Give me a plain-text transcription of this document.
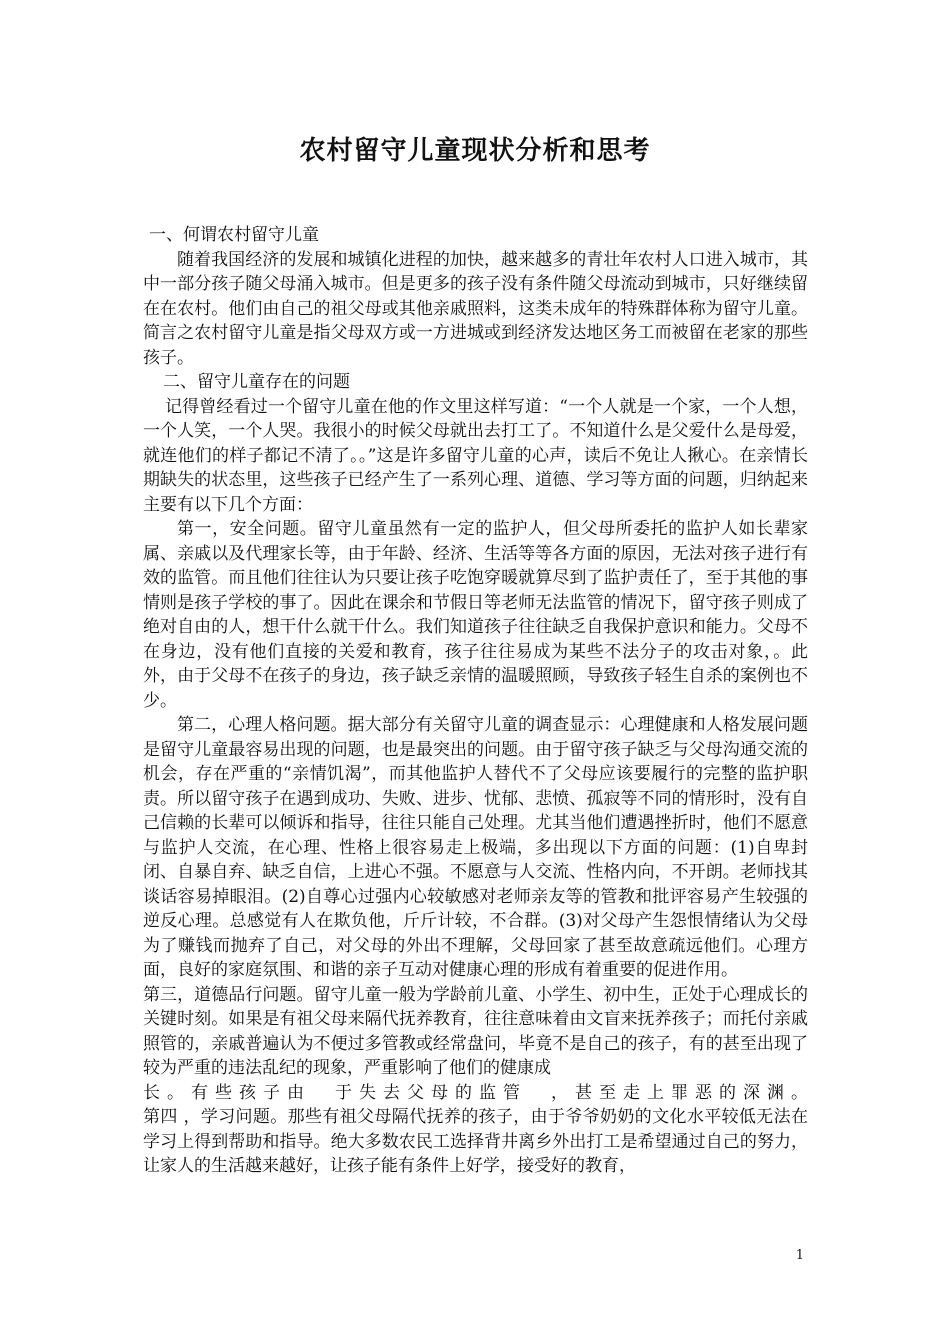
农村留守儿童现状分析和思考

一、何谓农村留守儿童

随着我国经济的发展和城镇化进程的加快，越来越多的青壮年农村人口进入城市，其中一部分孩子随父母涌入城市。但是更多的孩子没有条件随父母流动到城市，只好继续留在在农村。他们由自己的祖父母或其他亲戚照料，这类未成年的特殊群体称为留守儿童。简言之农村留守儿童是指父母双方或一方进城或到经济发达地区务工而被留在老家的那些孩子。

二、留守儿童存在的问题

记得曾经看过一个留守儿童在他的作文里这样写道：“一个人就是一个家，一个人想，一个人笑，一个人哭。我很小的时候父母就出去打工了。不知道什么是父爱什么是母爱，就连他们的样子都记不清了。。”这是许多留守儿童的心声，读后不免让人揪心。在亲情长期缺失的状态里，这些孩子已经产生了一系列心理、道德、学习等方面的问题，归纳起来主要有以下几个方面：

第一，安全问题。留守儿童虽然有一定的监护人，但父母所委托的监护人如长辈家属、亲戚以及代理家长等，由于年龄、经济、生活等等各方面的原因，无法对孩子进行有效的监管。而且他们往往认为只要让孩子吃饱穿暖就算尽到了监护责任了，至于其他的事情则是孩子学校的事了。因此在课余和节假日等老师无法监管的情况下，留守孩子则成了绝对自由的人，想干什么就干什么。我们知道孩子往往缺乏自我保护意识和能力。父母不在身边，没有他们直接的关爱和教育，孩子往往易成为某些不法分子的攻击对象，。此外，由于父母不在孩子的身边，孩子缺乏亲情的温暖照顾，导致孩子轻生自杀的案例也不少。

第二，心理人格问题。据大部分有关留守儿童的调查显示：心理健康和人格发展问题是留守儿童最容易出现的问题，也是最突出的问题。由于留守孩子缺乏与父母沟通交流的机会，存在严重的“亲情饥渴”，而其他监护人替代不了父母应该要履行的完整的监护职责。所以留守孩子在遇到成功、失败、进步、忧郁、悲愤、孤寂等不同的情形时，没有自己信赖的长辈可以倾诉和指导，往往只能自己处理。尤其当他们遭遇挫折时，他们不愿意与监护人交流，在心理、性格上很容易走上极端，多出现以下方面的问题：(1)自卑封闭、自暴自弃、缺乏自信，上进心不强。不愿意与人交流、性格内向，不开朗。老师找其谈话容易掉眼泪。(2)自尊心过强内心较敏感对老师亲友等的管教和批评容易产生较强的逆反心理。总感觉有人在欺负他，斤斤计较，不合群。(3)对父母产生怨恨情绪认为父母为了赚钱而抛弃了自己，对父母的外出不理解，父母回家了甚至故意疏远他们。心理方面，良好的家庭氛围、和谐的亲子互动对健康心理的形成有着重要的促进作用。

第三，道德品行问题。留守儿童一般为学龄前儿童、小学生、初中生，正处于心理成长的关键时刻。如果是有祖父母来隔代抚养教育，往往意味着由文盲来抚养孩子；而托付亲戚照管的，亲戚普遍认为不便过多管教或经常盘问，毕竟不是自己的孩子，有的甚至出现了较为严重的违法乱纪的现象，严重影响了他们的健康成

长 。 有 些 孩 子 由 　 于 失 去 父 母 的 监 管 　 ， 甚 至 走 上 罪 恶 的 深 渊 。

第四 ，学习问题。那些有祖父母隔代抚养的孩子，由于爷爷奶奶的文化水平较低无法在学习上得到帮助和指导。绝大多数农民工选择背井离乡外出打工是希望通过自己的努力，让家人的生活越来越好，让孩子能有条件上好学，接受好的教育，

1
